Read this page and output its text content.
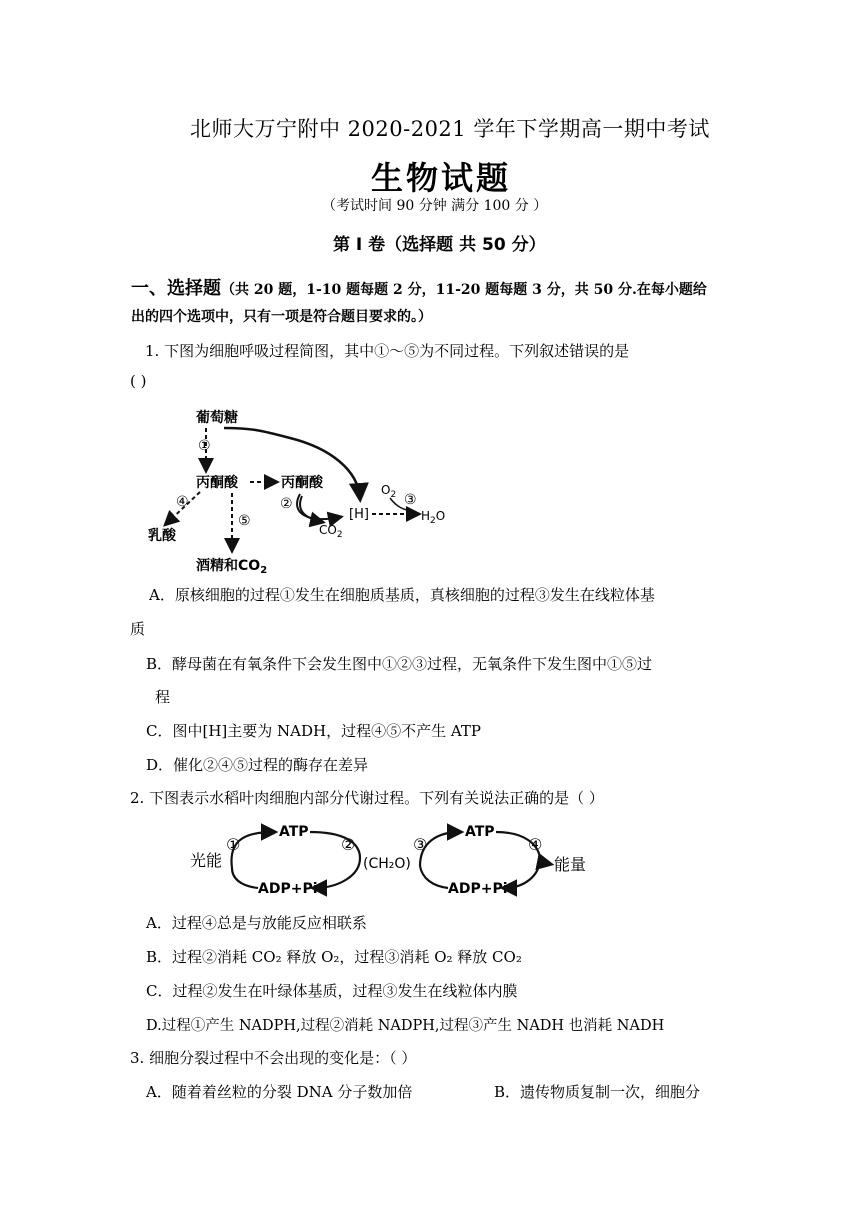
北师大万宁附中 2020-2021 学年下学期高一期中考试
生物试题
（考试时间 90 分钟 满分 100 分 ）
第 I 卷（选择题 共 50 分）
一、选择题（共 20 题，1-10 题每题 2 分，11-20 题每题 3 分，共 50 分.在每小题给
出的四个选项中，只有一项是符合题目要求的。）
1. 下图为细胞呼吸过程简图，其中①～⑤为不同过程。下列叙述错误的是
( )
葡萄糖
①
丙酮酸	丙酮酸
④	②
⑤
乳酸
[H]
$O_2$ ③
$H_2O$
$CO_2$
酒精和$CO_2$
A．原核细胞的过程①发生在细胞质基质，真核细胞的过程③发生在线粒体基
质
B．酵母菌在有氧条件下会发生图中①②③过程，无氧条件下发生图中①⑤过
程
C．图中[H]主要为 NADH，过程④⑤不产生 ATP
D．催化②④⑤过程的酶存在差异
2. 下图表示水稻叶肉细胞内部分代谢过程。下列有关说法正确的是（ ）
光能
①
ATP
ADP+Pi
②
(CH₂O)
③
ATP
ADP+Pi
④
能量
A．过程④总是与放能反应相联系
B．过程②消耗 CO₂ 释放 O₂，过程③消耗 O₂ 释放 CO₂
C．过程②发生在叶绿体基质，过程③发生在线粒体内膜
D.过程①产生 NADPH,过程②消耗 NADPH,过程③产生 NADH 也消耗 NADH
3. 细胞分裂过程中不会出现的变化是：（ ）
A．随着着丝粒的分裂 DNA 分子数加倍	B．遗传物质复制一次，细胞分
